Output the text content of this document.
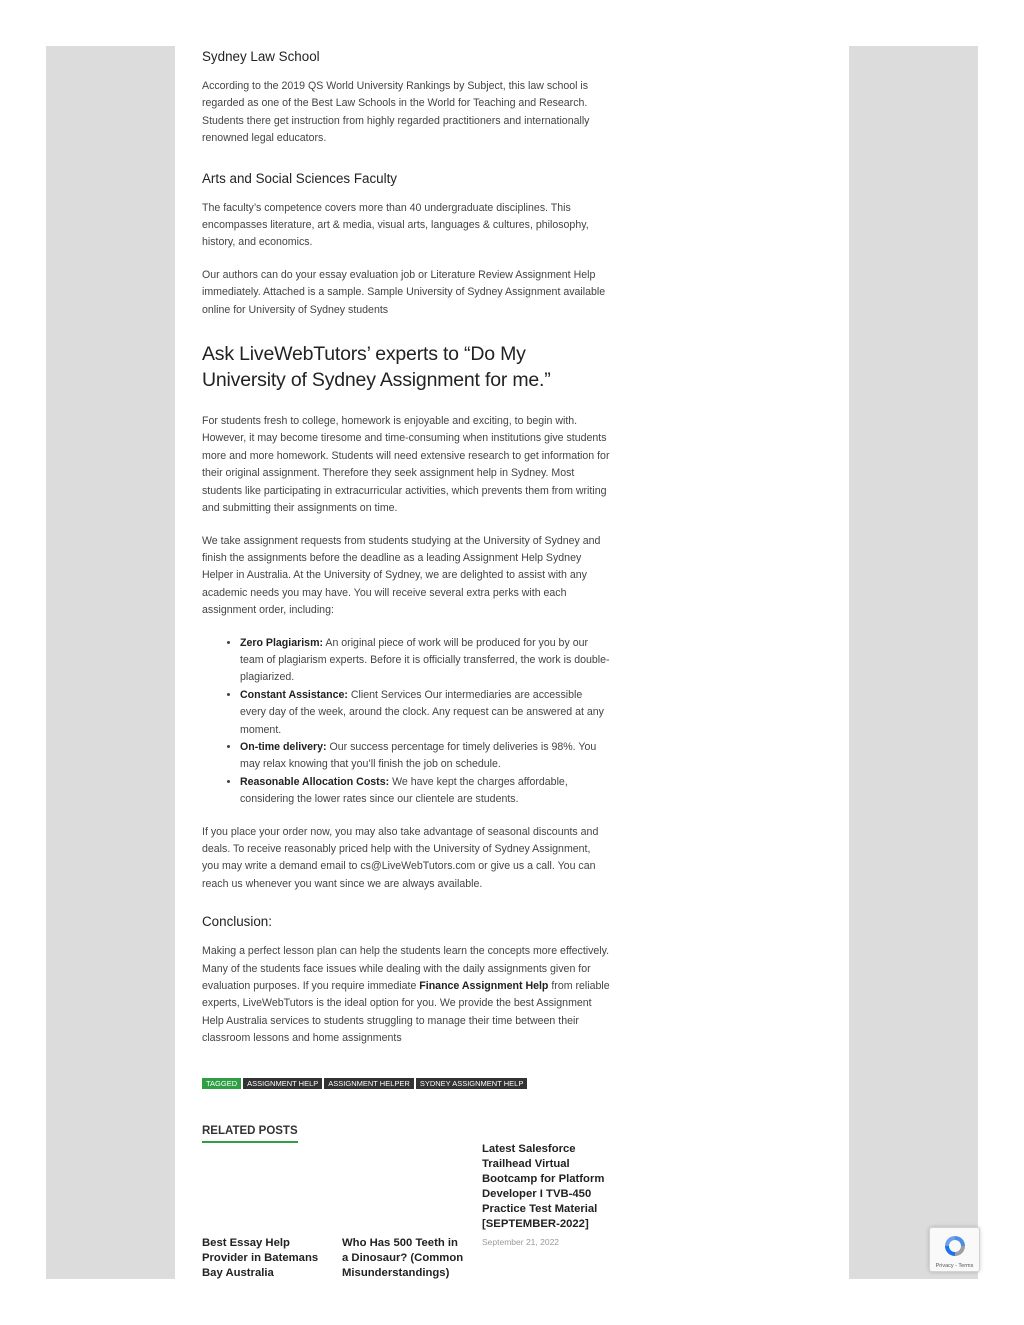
Sydney Law School

According to the 2019 QS World University Rankings by Subject, this law school is regarded as one of the Best Law Schools in the World for Teaching and Research. Students there get instruction from highly regarded practitioners and internationally renowned legal educators.

Arts and Social Sciences Faculty

The faculty’s competence covers more than 40 undergraduate disciplines. This encompasses literature, art & media, visual arts, languages & cultures, philosophy, history, and economics.

Our authors can do your essay evaluation job or Literature Review Assignment Help immediately. Attached is a sample. Sample University of Sydney Assignment available online for University of Sydney students

Ask LiveWebTutors’ experts to “Do My University of Sydney Assignment for me.”

For students fresh to college, homework is enjoyable and exciting, to begin with. However, it may become tiresome and time-consuming when institutions give students more and more homework. Students will need extensive research to get information for their original assignment. Therefore they seek assignment help in Sydney. Most students like participating in extracurricular activities, which prevents them from writing and submitting their assignments on time.

We take assignment requests from students studying at the University of Sydney and finish the assignments before the deadline as a leading Assignment Help Sydney Helper in Australia. At the University of Sydney, we are delighted to assist with any academic needs you may have. You will receive several extra perks with each assignment order, including:

• Zero Plagiarism: An original piece of work will be produced for you by our team of plagiarism experts. Before it is officially transferred, the work is double-plagiarized.
• Constant Assistance: Client Services Our intermediaries are accessible every day of the week, around the clock. Any request can be answered at any moment.
• On-time delivery: Our success percentage for timely deliveries is 98%. You may relax knowing that you’ll finish the job on schedule.
• Reasonable Allocation Costs: We have kept the charges affordable, considering the lower rates since our clientele are students.

If you place your order now, you may also take advantage of seasonal discounts and deals. To receive reasonably priced help with the University of Sydney Assignment, you may write a demand email to cs@LiveWebTutors.com or give us a call. You can reach us whenever you want since we are always available.

Conclusion:

Making a perfect lesson plan can help the students learn the concepts more effectively. Many of the students face issues while dealing with the daily assignments given for evaluation purposes. If you require immediate Finance Assignment Help from reliable experts, LiveWebTutors is the ideal option for you. We provide the best Assignment Help Australia services to students struggling to manage their time between their classroom lessons and home assignments

TAGGED	ASSIGNMENT HELP	ASSIGNMENT HELPER	SYDNEY ASSIGNMENT HELP
RELATED POSTS
Best Essay Help Provider in Batemans Bay Australia
Who Has 500 Teeth in a Dinosaur? (Common Misunderstandings)
Latest Salesforce Trailhead Virtual Bootcamp for Platform Developer I TVB-450 Practice Test Material [SEPTEMBER-2022]
September 21, 2022
Privacy - Terms
